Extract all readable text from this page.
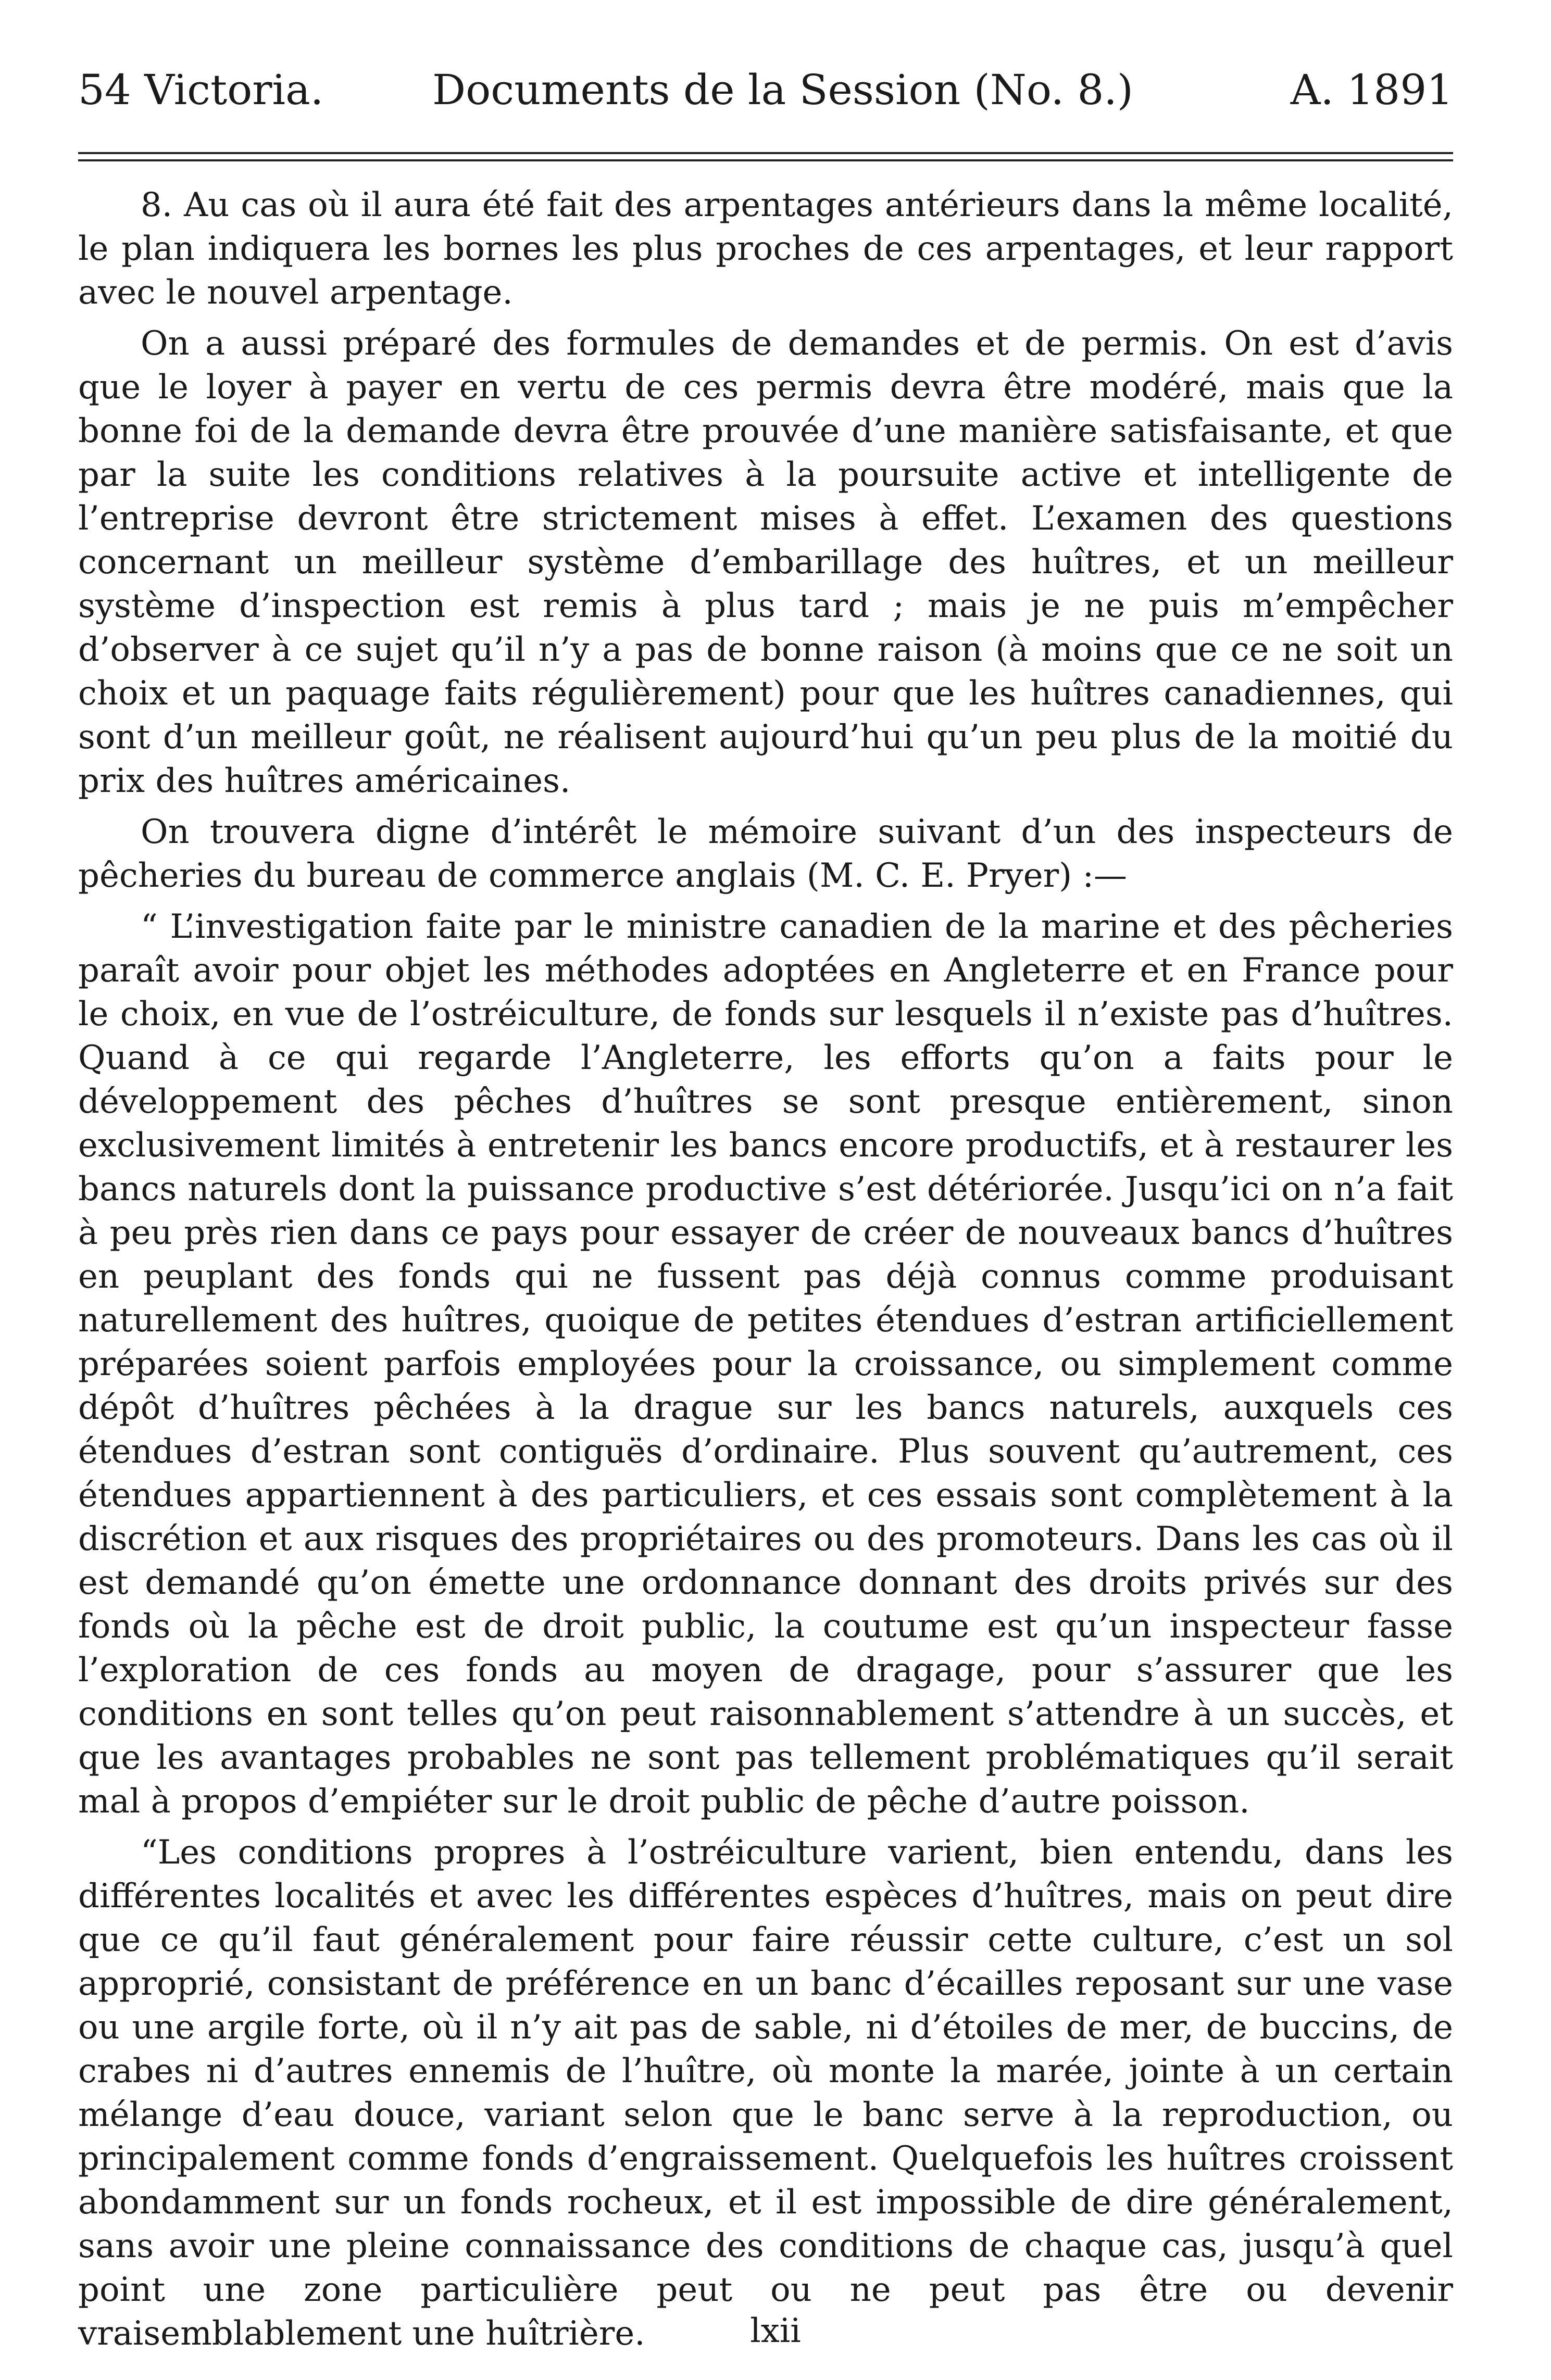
54 Victoria.	Documents de la Session (No. 8.)	A. 1891

8. Au cas où il aura été fait des arpentages antérieurs dans la même localité, le plan indiquera les bornes les plus proches de ces arpentages, et leur rapport avec le nouvel arpentage.

On a aussi préparé des formules de demandes et de permis. On est d’avis que le loyer à payer en vertu de ces permis devra être modéré, mais que la bonne foi de la demande devra être prouvée d’une manière satisfaisante, et que par la suite les conditions relatives à la poursuite active et intelligente de l’entreprise devront être strictement mises à effet. L’examen des questions concernant un meilleur système d’embarillage des huîtres, et un meilleur système d’inspection est remis à plus tard ; mais je ne puis m’empêcher d’observer à ce sujet qu’il n’y a pas de bonne raison (à moins que ce ne soit un choix et un paquage faits régulièrement) pour que les huîtres canadiennes, qui sont d’un meilleur goût, ne réalisent aujourd’hui qu’un peu plus de la moitié du prix des huîtres américaines.

On trouvera digne d’intérêt le mémoire suivant d’un des inspecteurs de pêcheries du bureau de commerce anglais (M. C. E. Pryer) :—

“ L’investigation faite par le ministre canadien de la marine et des pêcheries paraît avoir pour objet les méthodes adoptées en Angleterre et en France pour le choix, en vue de l’ostréiculture, de fonds sur lesquels il n’existe pas d’huîtres. Quand à ce qui regarde l’Angleterre, les efforts qu’on a faits pour le développement des pêches d’huîtres se sont presque entièrement, sinon exclusivement limités à entretenir les bancs encore productifs, et à restaurer les bancs naturels dont la puissance productive s’est détériorée. Jusqu’ici on n’a fait à peu près rien dans ce pays pour essayer de créer de nouveaux bancs d’huîtres en peuplant des fonds qui ne fussent pas déjà connus comme produisant naturellement des huîtres, quoique de petites étendues d’estran artificiellement préparées soient parfois employées pour la croissance, ou simplement comme dépôt d’huîtres pêchées à la drague sur les bancs naturels, auxquels ces étendues d’estran sont contiguës d’ordinaire. Plus souvent qu’autrement, ces étendues appartiennent à des particuliers, et ces essais sont complètement à la discrétion et aux risques des propriétaires ou des promoteurs. Dans les cas où il est demandé qu’on émette une ordonnance donnant des droits privés sur des fonds où la pêche est de droit public, la coutume est qu’un inspecteur fasse l’exploration de ces fonds au moyen de dragage, pour s’assurer que les conditions en sont telles qu’on peut raisonnablement s’attendre à un succès, et que les avantages probables ne sont pas tellement problématiques qu’il serait mal à propos d’empiéter sur le droit public de pêche d’autre poisson.

“Les conditions propres à l’ostréiculture varient, bien entendu, dans les différentes localités et avec les différentes espèces d’huîtres, mais on peut dire que ce qu’il faut généralement pour faire réussir cette culture, c’est un sol approprié, consistant de préférence en un banc d’écailles reposant sur une vase ou une argile forte, où il n’y ait pas de sable, ni d’étoiles de mer, de buccins, de crabes ni d’autres ennemis de l’huître, où monte la marée, jointe à un certain mélange d’eau douce, variant selon que le banc serve à la reproduction, ou principalement comme fonds d’engraissement. Quelquefois les huîtres croissent abondamment sur un fonds rocheux, et il est impossible de dire généralement, sans avoir une pleine connaissance des conditions de chaque cas, jusqu’à quel point une zone particulière peut ou ne peut pas être ou devenir vraisemblablement une huîtrière.	lxii
